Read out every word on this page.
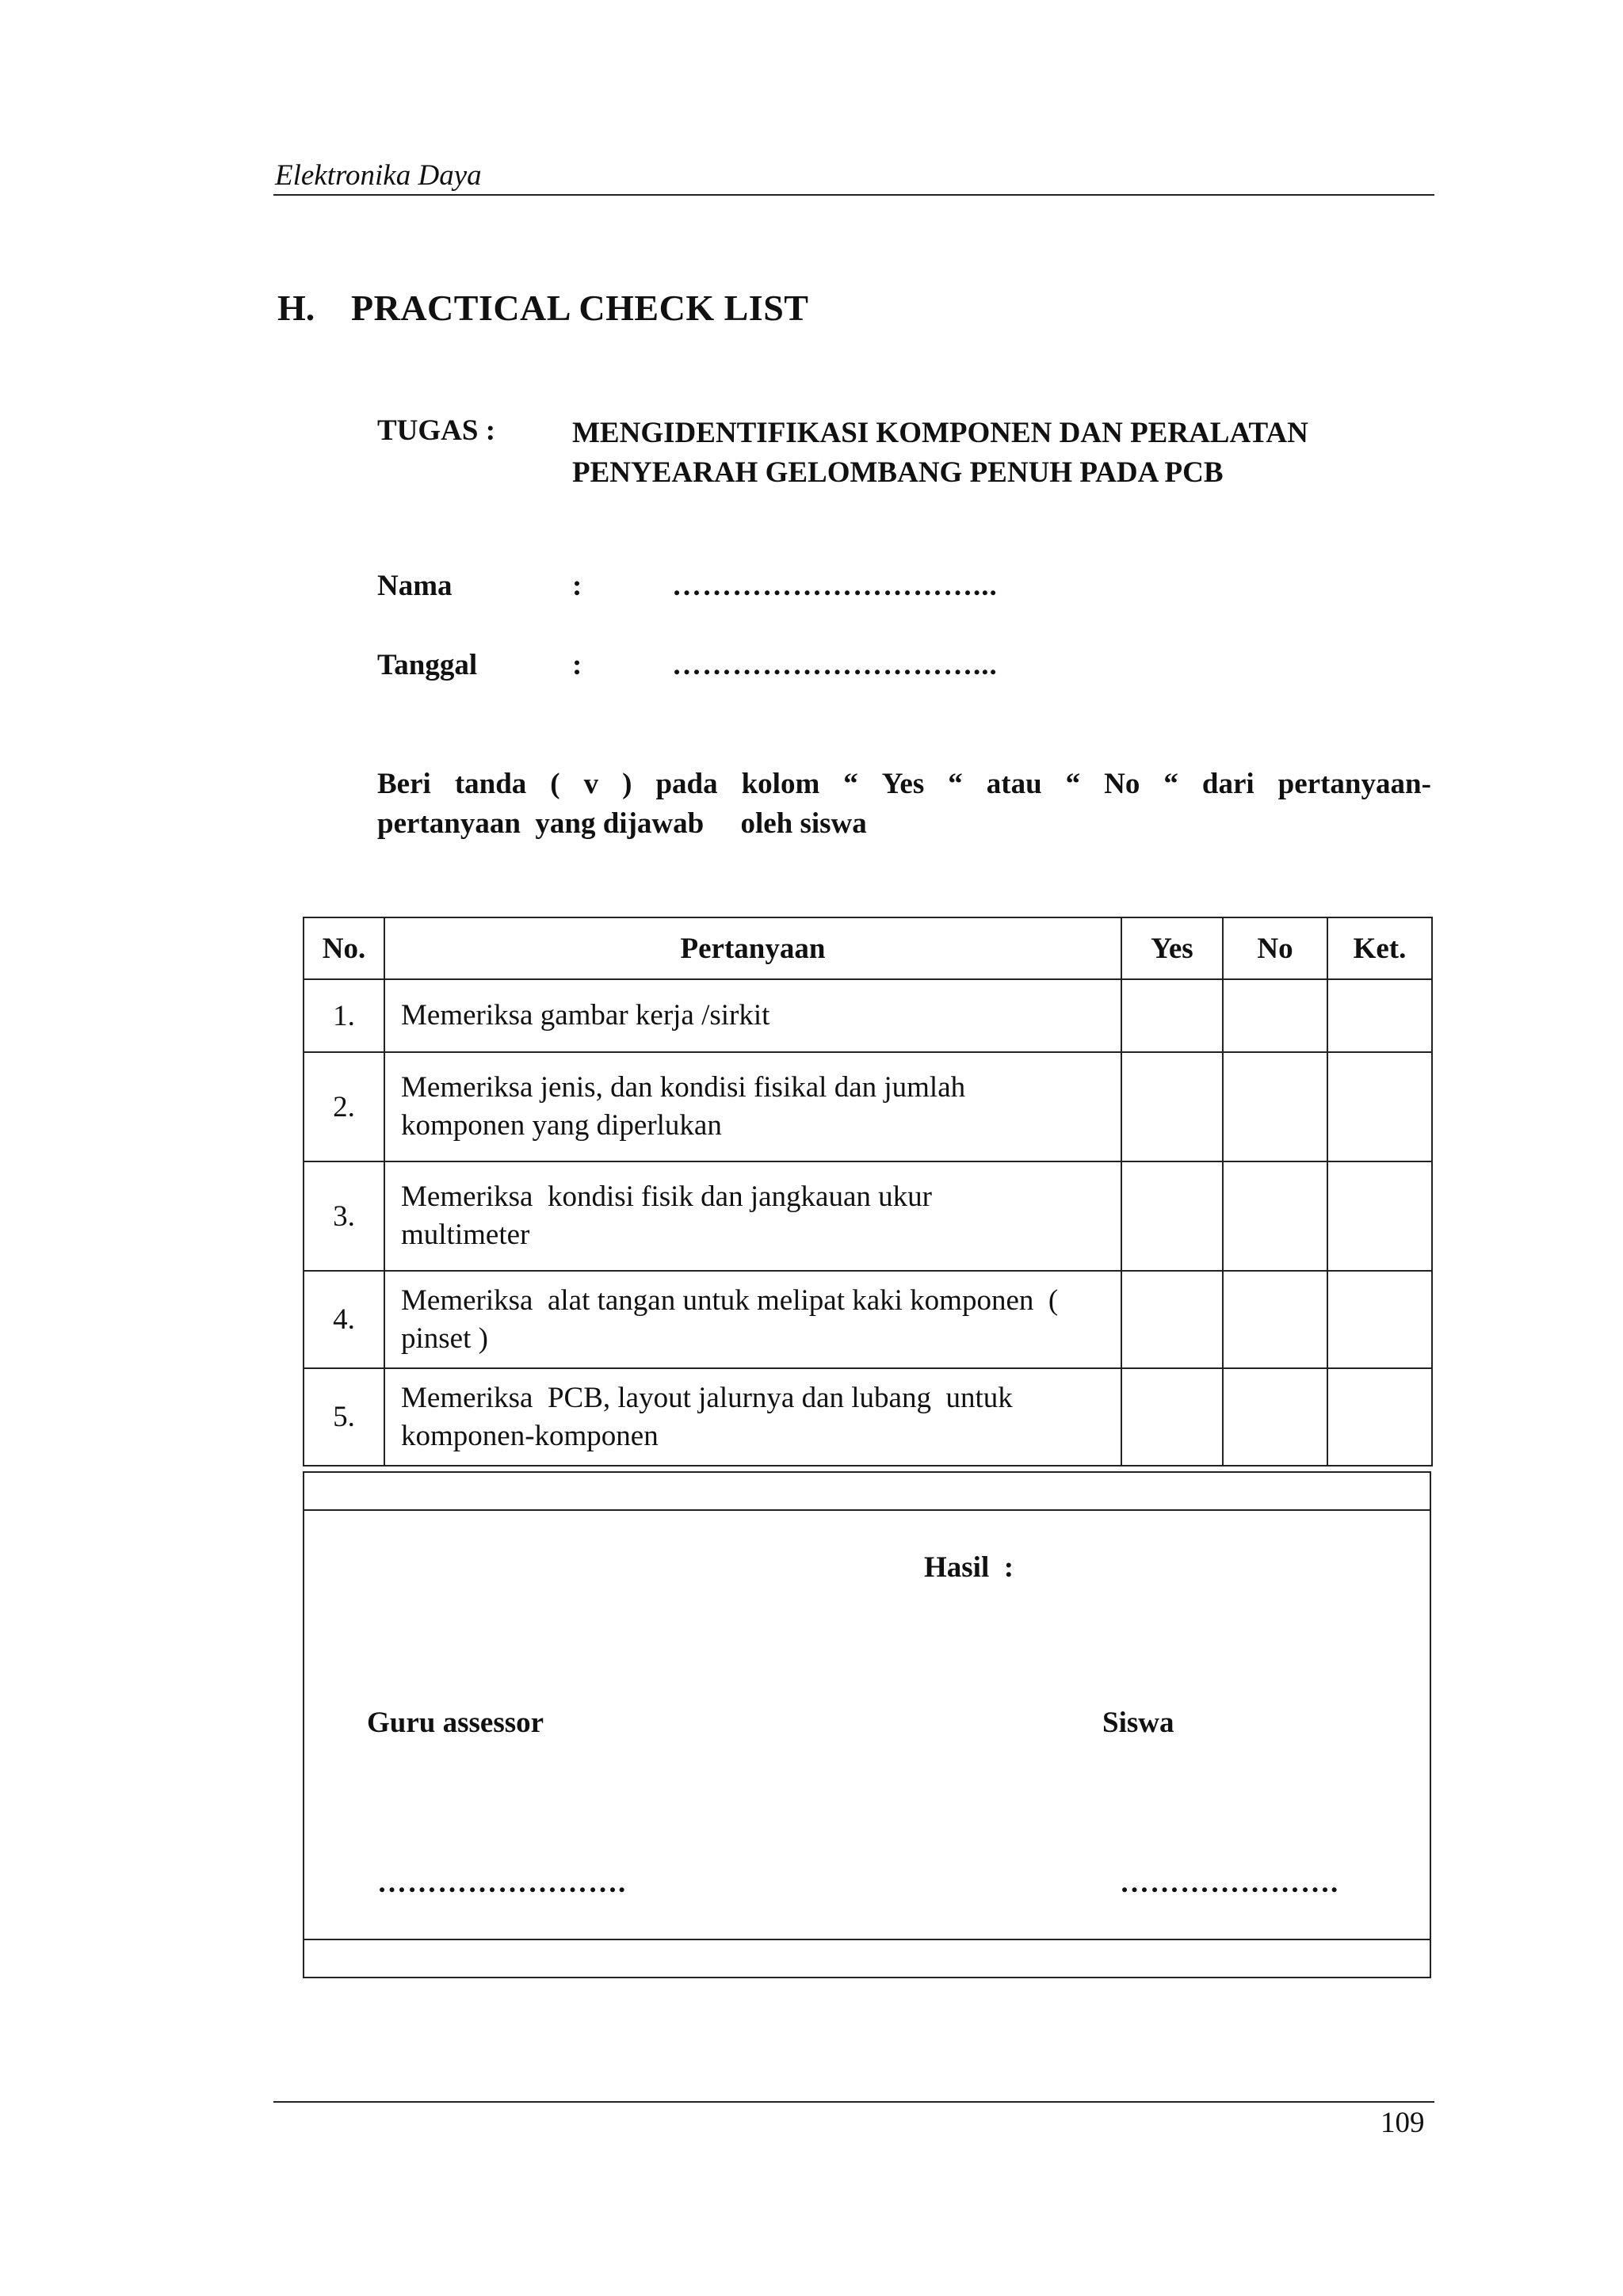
Elektronika Daya
H. PRACTICAL CHECK LIST
TUGAS :	MENGIDENTIFIKASI KOMPONEN DAN PERALATAN
PENYEARAH GELOMBANG PENUH PADA PCB
Nama	:	…………………………...
Tanggal	:	…………………………...
Beri tanda ( v ) pada kolom “ Yes “ atau “ No “ dari pertanyaan-
pertanyaan  yang dijawab     oleh siswa
No.	Pertanyaan	Yes	No	Ket.
1.	Memeriksa gambar kerja /sirkit			

2.	Memeriksa jenis, dan kondisi fisikal dan jumlah
komponen yang diperlukan			

3.	Memeriksa  kondisi fisik dan jangkauan ukur
multimeter			

4.	Memeriksa  alat tangan untuk melipat kaki komponen  (
pinset )			

5.	Memeriksa  PCB, layout jalurnya dan lubang  untuk
komponen-komponen			

Hasil  :
Guru assessor	Siswa
…………………….	………………….
109
